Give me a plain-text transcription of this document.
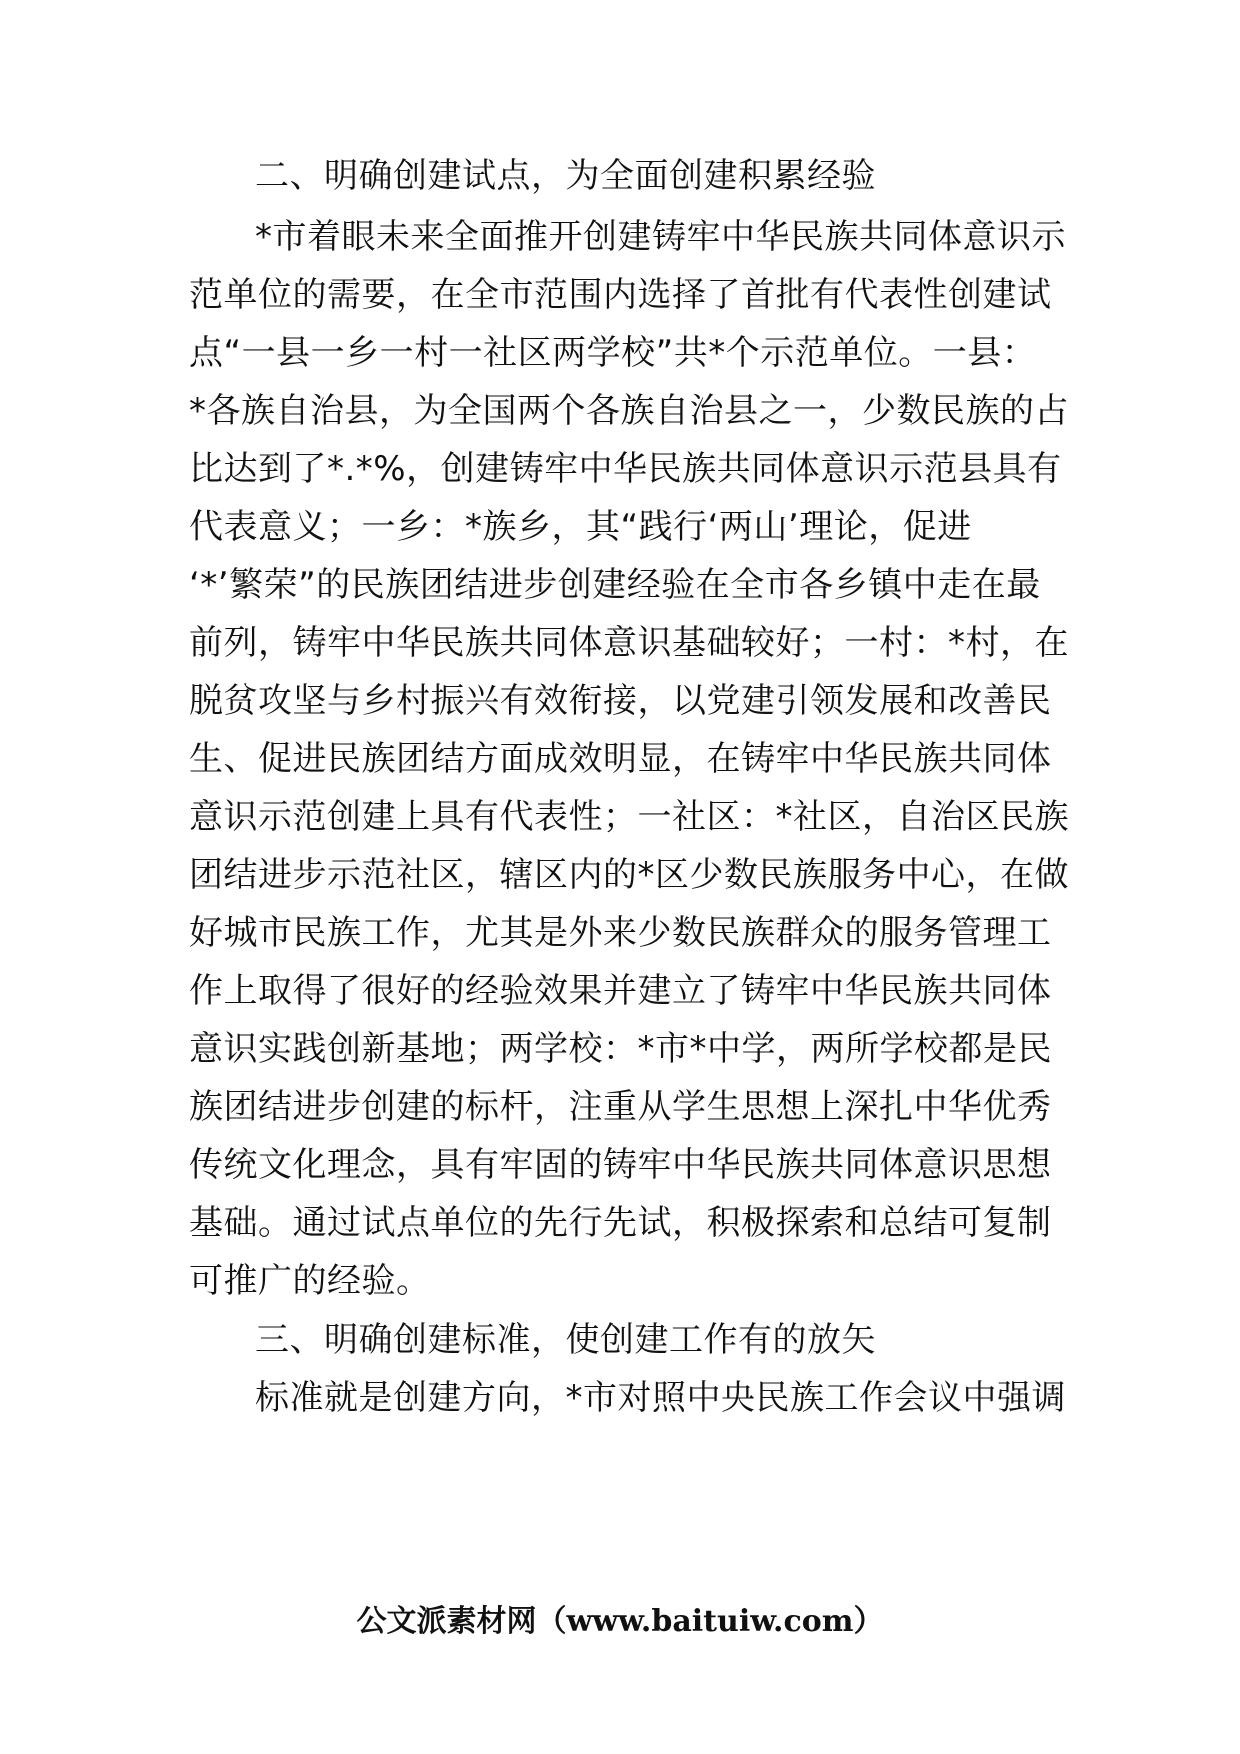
二、明确创建试点，为全面创建积累经验
*市着眼未来全面推开创建铸牢中华民族共同体意识示
范单位的需要，在全市范围内选择了首批有代表性创建试
点“一县一乡一村一社区两学校”共*个示范单位。一县：
*各族自治县，为全国两个各族自治县之一，少数民族的占
比达到了*.*%，创建铸牢中华民族共同体意识示范县具有
代表意义；一乡：*族乡，其“践行‘两山’理论，促进
‘*’繁荣”的民族团结进步创建经验在全市各乡镇中走在最
前列，铸牢中华民族共同体意识基础较好；一村：*村，在
脱贫攻坚与乡村振兴有效衔接，以党建引领发展和改善民
生、促进民族团结方面成效明显，在铸牢中华民族共同体
意识示范创建上具有代表性；一社区：*社区，自治区民族
团结进步示范社区，辖区内的*区少数民族服务中心，在做
好城市民族工作，尤其是外来少数民族群众的服务管理工
作上取得了很好的经验效果并建立了铸牢中华民族共同体
意识实践创新基地；两学校：*市*中学，两所学校都是民
族团结进步创建的标杆，注重从学生思想上深扎中华优秀
传统文化理念，具有牢固的铸牢中华民族共同体意识思想
基础。通过试点单位的先行先试，积极探索和总结可复制
可推广的经验。
三、明确创建标准，使创建工作有的放矢
标准就是创建方向，*市对照中央民族工作会议中强调
公文派素材网（www.baituiw.com）
